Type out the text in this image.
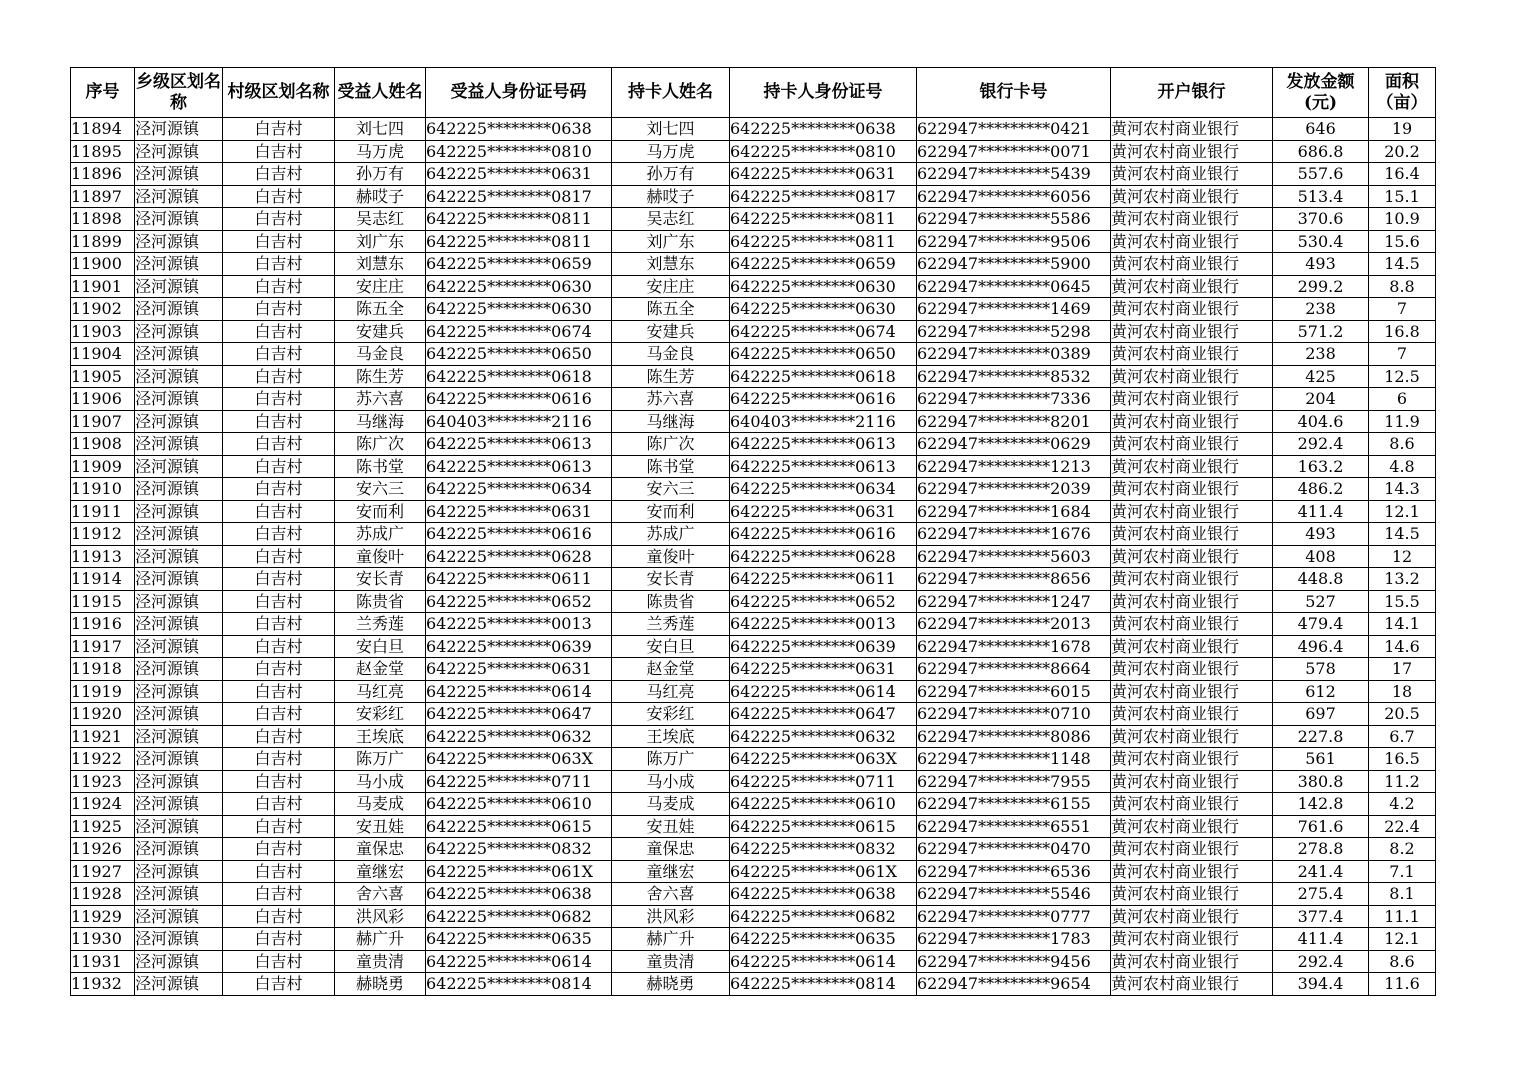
序号	乡级区划名称	村级区划名称	受益人姓名	受益人身份证号码	持卡人姓名	持卡人身份证号	银行卡号	开户银行	发放金额(元)	面积（亩）
11894	泾河源镇	白吉村	刘七四	642225********0638	刘七四	642225********0638	622947*********0421	黄河农村商业银行	646	19
11895	泾河源镇	白吉村	马万虎	642225********0810	马万虎	642225********0810	622947*********0071	黄河农村商业银行	686.8	20.2
11896	泾河源镇	白吉村	孙万有	642225********0631	孙万有	642225********0631	622947*********5439	黄河农村商业银行	557.6	16.4
11897	泾河源镇	白吉村	赫哎子	642225********0817	赫哎子	642225********0817	622947*********6056	黄河农村商业银行	513.4	15.1
11898	泾河源镇	白吉村	吴志红	642225********0811	吴志红	642225********0811	622947*********5586	黄河农村商业银行	370.6	10.9
11899	泾河源镇	白吉村	刘广东	642225********0811	刘广东	642225********0811	622947*********9506	黄河农村商业银行	530.4	15.6
11900	泾河源镇	白吉村	刘慧东	642225********0659	刘慧东	642225********0659	622947*********5900	黄河农村商业银行	493	14.5
11901	泾河源镇	白吉村	安庄庄	642225********0630	安庄庄	642225********0630	622947*********0645	黄河农村商业银行	299.2	8.8
11902	泾河源镇	白吉村	陈五全	642225********0630	陈五全	642225********0630	622947*********1469	黄河农村商业银行	238	7
11903	泾河源镇	白吉村	安建兵	642225********0674	安建兵	642225********0674	622947*********5298	黄河农村商业银行	571.2	16.8
11904	泾河源镇	白吉村	马金良	642225********0650	马金良	642225********0650	622947*********0389	黄河农村商业银行	238	7
11905	泾河源镇	白吉村	陈生芳	642225********0618	陈生芳	642225********0618	622947*********8532	黄河农村商业银行	425	12.5
11906	泾河源镇	白吉村	苏六喜	642225********0616	苏六喜	642225********0616	622947*********7336	黄河农村商业银行	204	6
11907	泾河源镇	白吉村	马继海	640403********2116	马继海	640403********2116	622947*********8201	黄河农村商业银行	404.6	11.9
11908	泾河源镇	白吉村	陈广次	642225********0613	陈广次	642225********0613	622947*********0629	黄河农村商业银行	292.4	8.6
11909	泾河源镇	白吉村	陈书堂	642225********0613	陈书堂	642225********0613	622947*********1213	黄河农村商业银行	163.2	4.8
11910	泾河源镇	白吉村	安六三	642225********0634	安六三	642225********0634	622947*********2039	黄河农村商业银行	486.2	14.3
11911	泾河源镇	白吉村	安而利	642225********0631	安而利	642225********0631	622947*********1684	黄河农村商业银行	411.4	12.1
11912	泾河源镇	白吉村	苏成广	642225********0616	苏成广	642225********0616	622947*********1676	黄河农村商业银行	493	14.5
11913	泾河源镇	白吉村	童俊叶	642225********0628	童俊叶	642225********0628	622947*********5603	黄河农村商业银行	408	12
11914	泾河源镇	白吉村	安长青	642225********0611	安长青	642225********0611	622947*********8656	黄河农村商业银行	448.8	13.2
11915	泾河源镇	白吉村	陈贵省	642225********0652	陈贵省	642225********0652	622947*********1247	黄河农村商业银行	527	15.5
11916	泾河源镇	白吉村	兰秀莲	642225********0013	兰秀莲	642225********0013	622947*********2013	黄河农村商业银行	479.4	14.1
11917	泾河源镇	白吉村	安白旦	642225********0639	安白旦	642225********0639	622947*********1678	黄河农村商业银行	496.4	14.6
11918	泾河源镇	白吉村	赵金堂	642225********0631	赵金堂	642225********0631	622947*********8664	黄河农村商业银行	578	17
11919	泾河源镇	白吉村	马红亮	642225********0614	马红亮	642225********0614	622947*********6015	黄河农村商业银行	612	18
11920	泾河源镇	白吉村	安彩红	642225********0647	安彩红	642225********0647	622947*********0710	黄河农村商业银行	697	20.5
11921	泾河源镇	白吉村	王埃底	642225********0632	王埃底	642225********0632	622947*********8086	黄河农村商业银行	227.8	6.7
11922	泾河源镇	白吉村	陈万广	642225********063X	陈万广	642225********063X	622947*********1148	黄河农村商业银行	561	16.5
11923	泾河源镇	白吉村	马小成	642225********0711	马小成	642225********0711	622947*********7955	黄河农村商业银行	380.8	11.2
11924	泾河源镇	白吉村	马麦成	642225********0610	马麦成	642225********0610	622947*********6155	黄河农村商业银行	142.8	4.2
11925	泾河源镇	白吉村	安丑娃	642225********0615	安丑娃	642225********0615	622947*********6551	黄河农村商业银行	761.6	22.4
11926	泾河源镇	白吉村	童保忠	642225********0832	童保忠	642225********0832	622947*********0470	黄河农村商业银行	278.8	8.2
11927	泾河源镇	白吉村	童继宏	642225********061X	童继宏	642225********061X	622947*********6536	黄河农村商业银行	241.4	7.1
11928	泾河源镇	白吉村	舍六喜	642225********0638	舍六喜	642225********0638	622947*********5546	黄河农村商业银行	275.4	8.1
11929	泾河源镇	白吉村	洪风彩	642225********0682	洪风彩	642225********0682	622947*********0777	黄河农村商业银行	377.4	11.1
11930	泾河源镇	白吉村	赫广升	642225********0635	赫广升	642225********0635	622947*********1783	黄河农村商业银行	411.4	12.1
11931	泾河源镇	白吉村	童贵清	642225********0614	童贵清	642225********0614	622947*********9456	黄河农村商业银行	292.4	8.6
11932	泾河源镇	白吉村	赫晓勇	642225********0814	赫晓勇	642225********0814	622947*********9654	黄河农村商业银行	394.4	11.6
